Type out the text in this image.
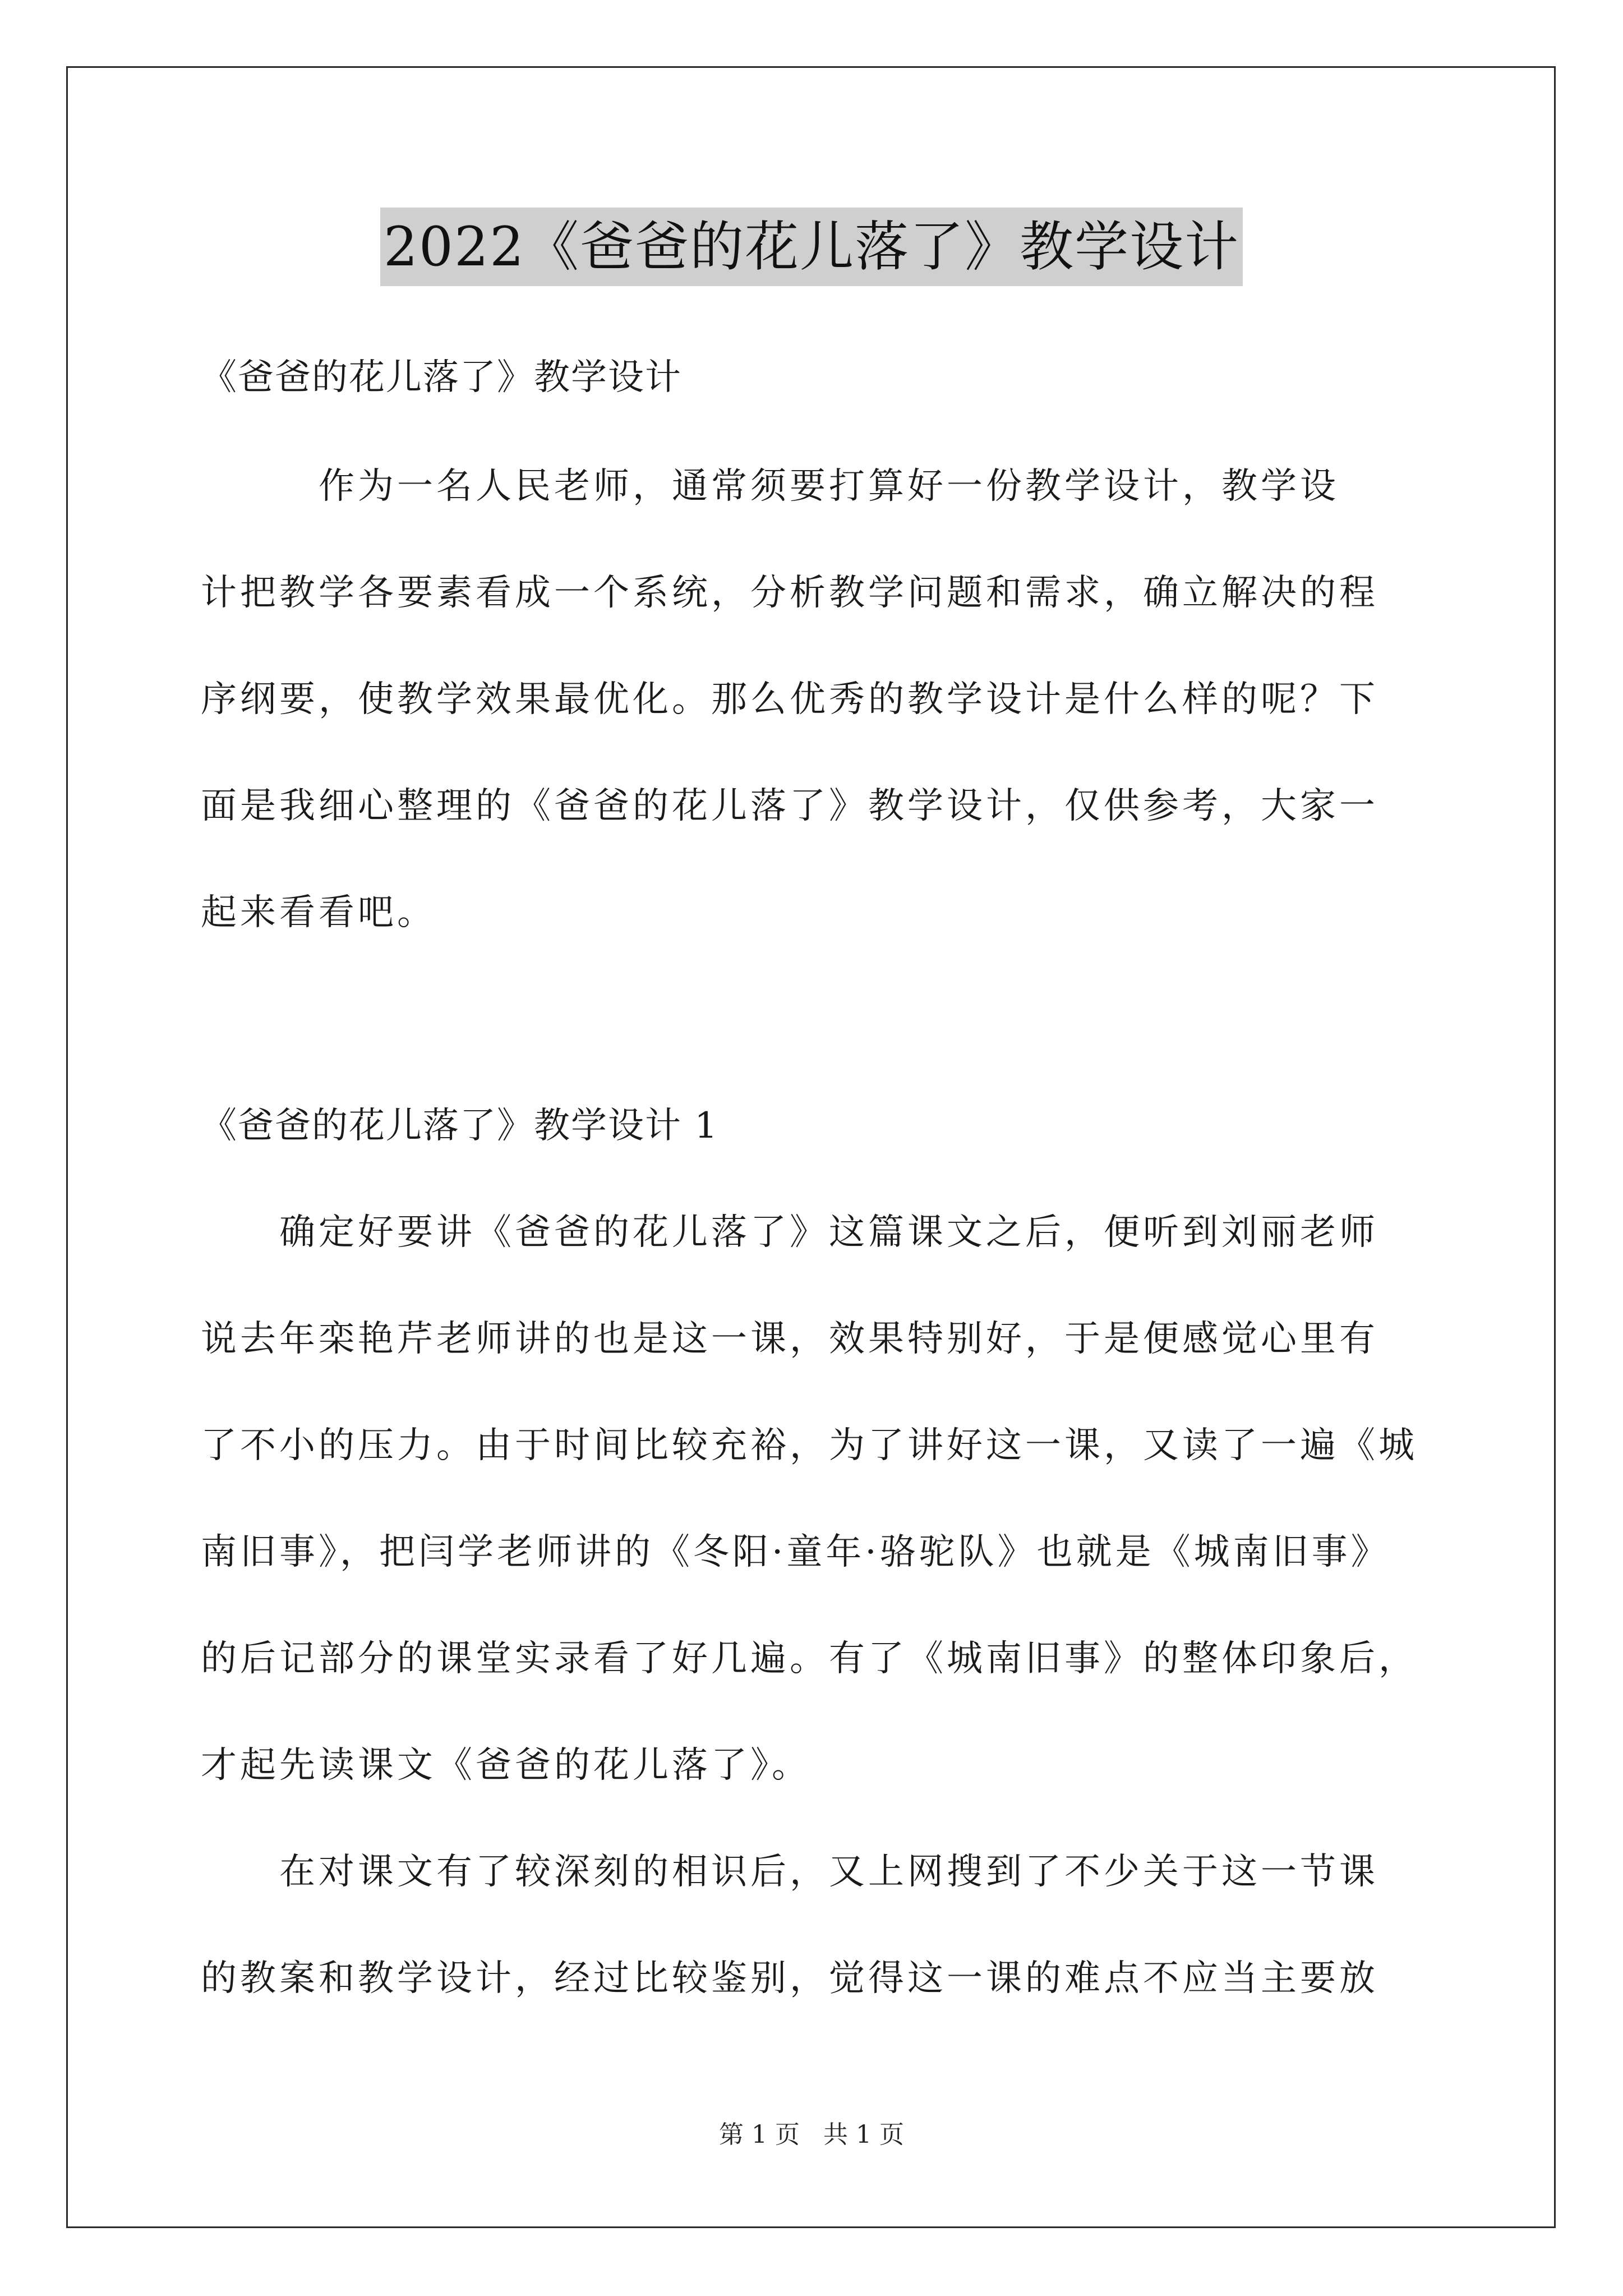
2022《爸爸的花儿落了》教学设计
《爸爸的花儿落了》教学设计
　　　作为一名人民老师，通常须要打算好一份教学设计，教学设
计把教学各要素看成一个系统，分析教学问题和需求，确立解决的程
序纲要，使教学效果最优化。那么优秀的教学设计是什么样的呢？下
面是我细心整理的《爸爸的花儿落了》教学设计，仅供参考，大家一
起来看看吧。
《爸爸的花儿落了》教学设计 1
　　确定好要讲《爸爸的花儿落了》这篇课文之后，便听到刘丽老师
说去年栾艳芹老师讲的也是这一课，效果特别好，于是便感觉心里有
了不小的压力。由于时间比较充裕，为了讲好这一课，又读了一遍《城
南旧事》，把闫学老师讲的《冬阳·童年·骆驼队》也就是《城南旧事》
的后记部分的课堂实录看了好几遍。有了《城南旧事》的整体印象后，
才起先读课文《爸爸的花儿落了》。
　　在对课文有了较深刻的相识后，又上网搜到了不少关于这一节课
的教案和教学设计，经过比较鉴别，觉得这一课的难点不应当主要放
第 1 页 共 1 页
